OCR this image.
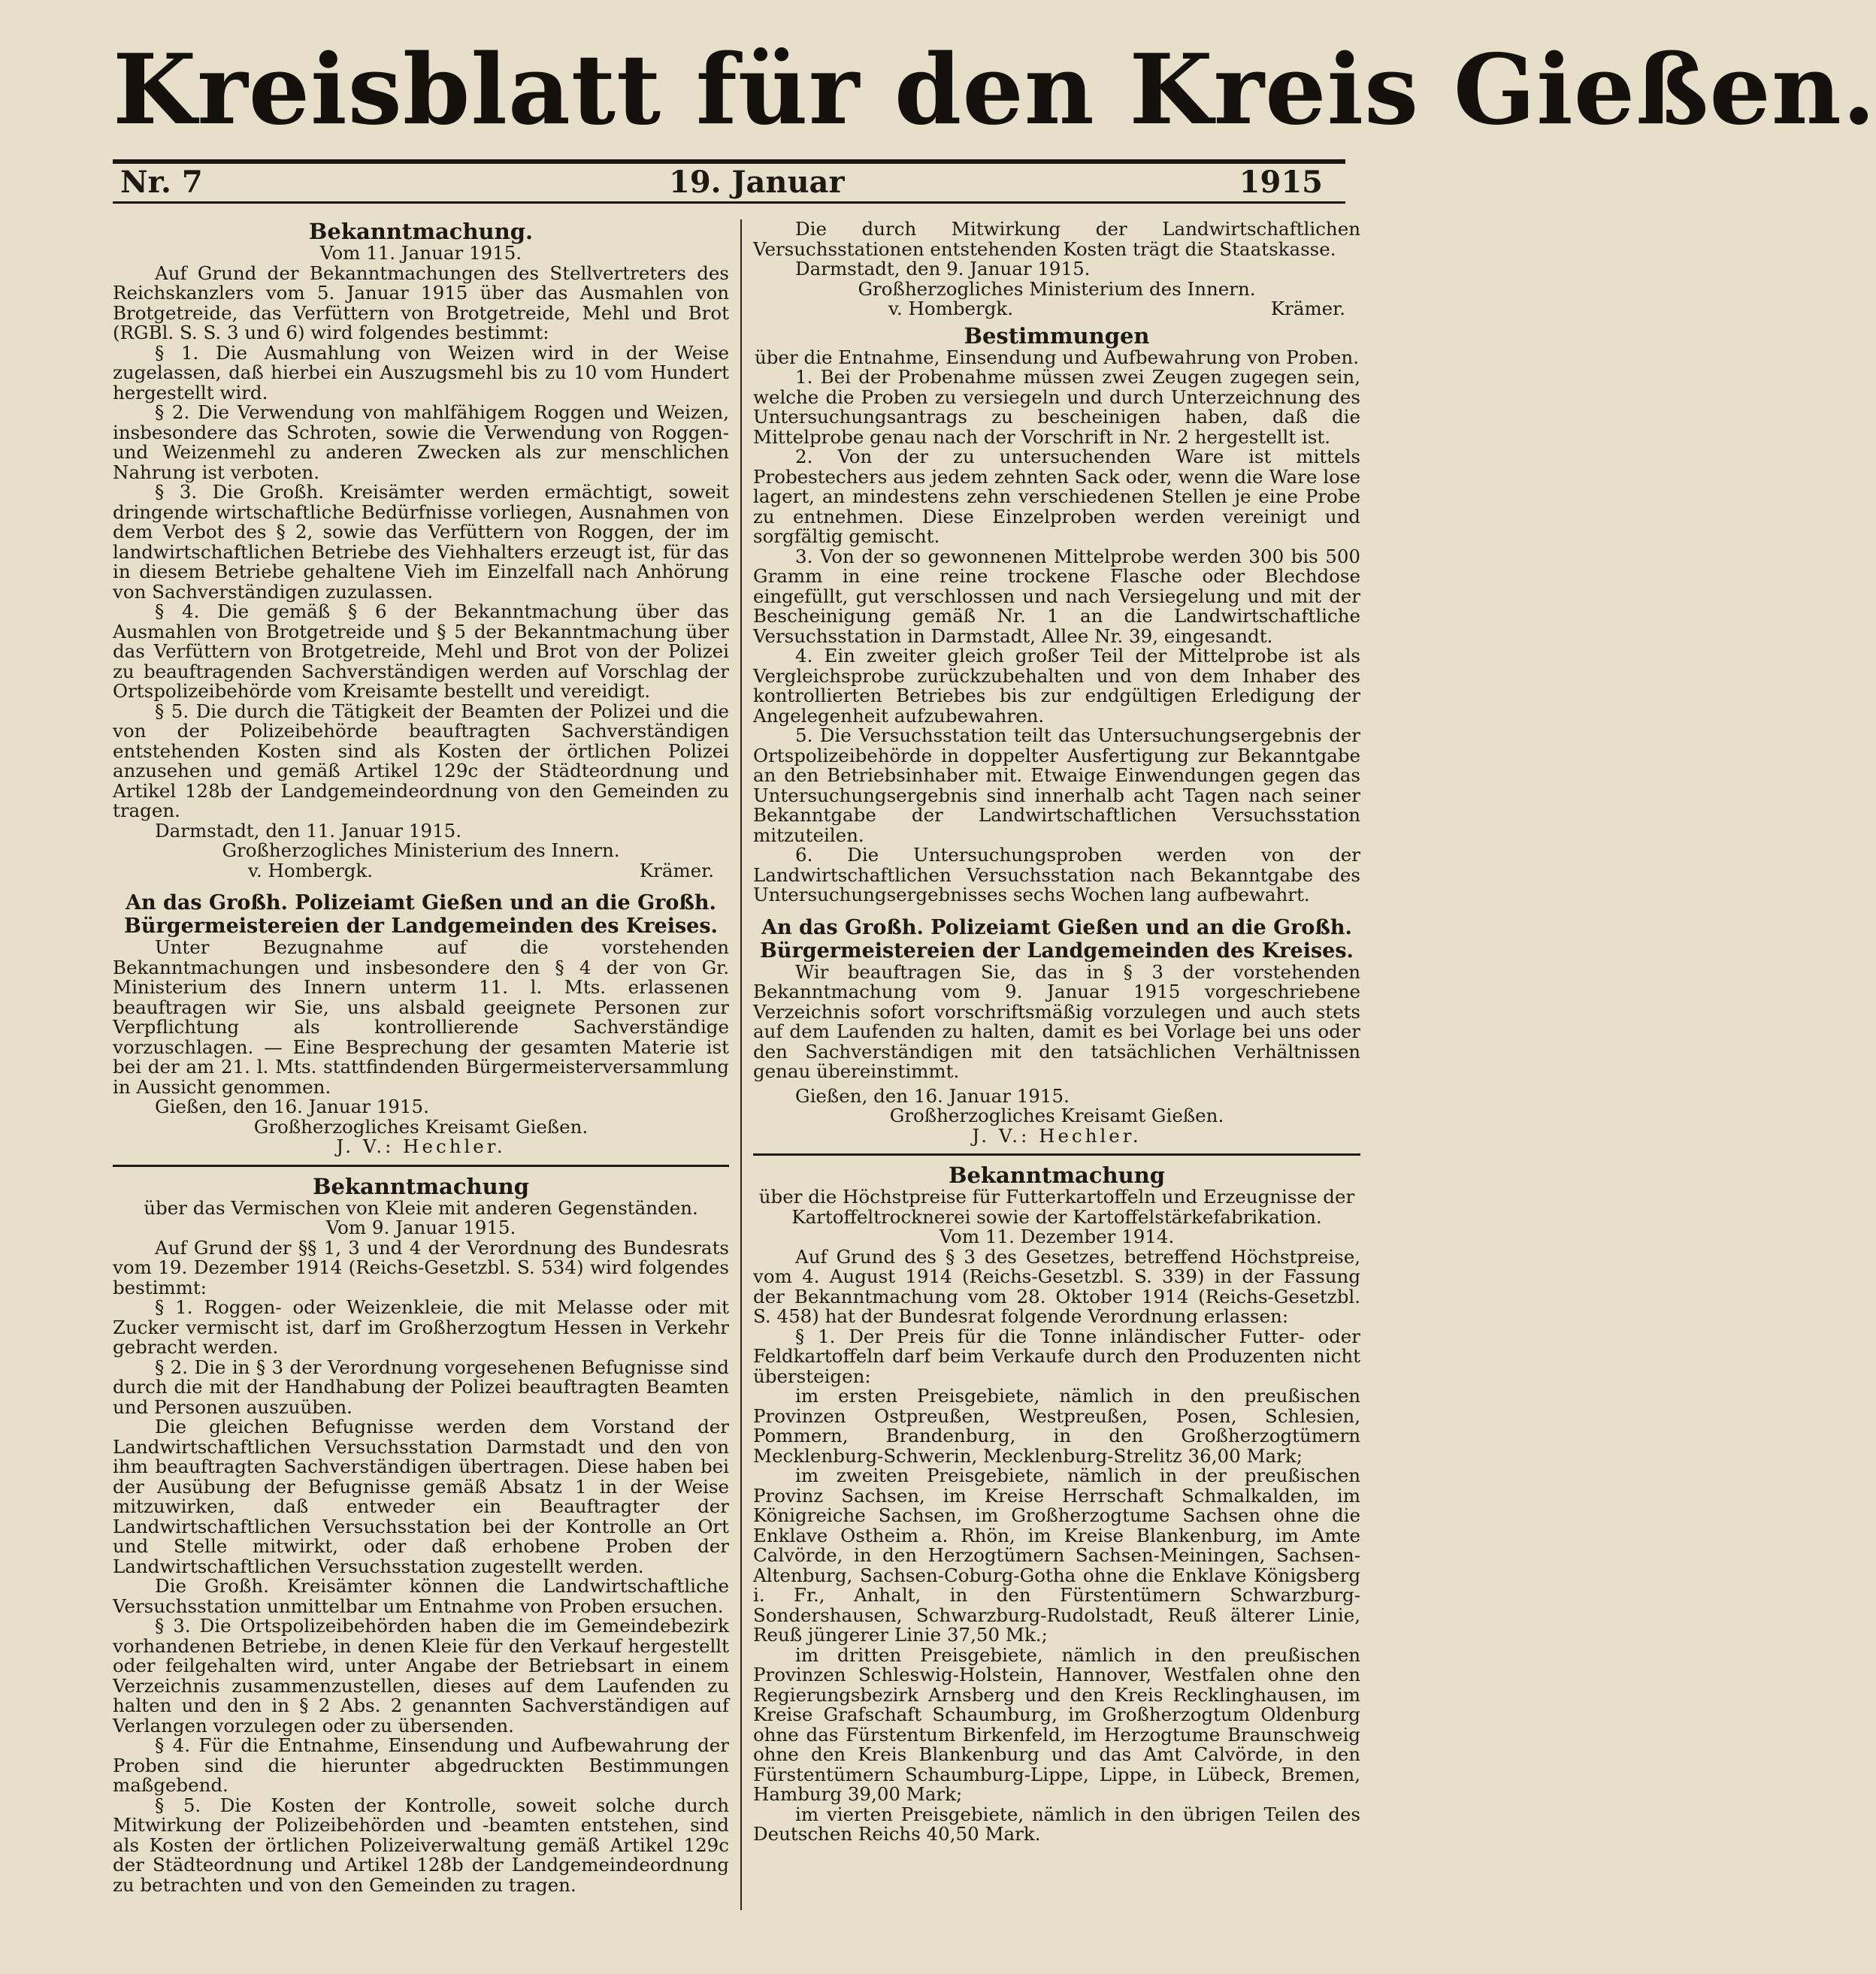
Kreisblatt für den Kreis Gießen.
Nr. 7	19. Januar	1915
Bekanntmachung.

Vom 11. Januar 1915.

Auf Grund der Bekanntmachungen des Stellvertreters des Reichskanzlers vom 5. Januar 1915 über das Ausmahlen von Brotgetreide, das Verfüttern von Brotgetreide, Mehl und Brot (RGBl. S. S. 3 und 6) wird folgendes bestimmt:

§ 1. Die Ausmahlung von Weizen wird in der Weise zugelassen, daß hierbei ein Auszugsmehl bis zu 10 vom Hundert hergestellt wird.

§ 2. Die Verwendung von mahlfähigem Roggen und Weizen, insbesondere das Schroten, sowie die Verwendung von Roggen- und Weizenmehl zu anderen Zwecken als zur menschlichen Nahrung ist verboten.

§ 3. Die Großh. Kreisämter werden ermächtigt, soweit dringende wirtschaftliche Bedürfnisse vorliegen, Ausnahmen von dem Verbot des § 2, sowie das Verfüttern von Roggen, der im landwirtschaftlichen Betriebe des Viehhalters erzeugt ist, für das in diesem Betriebe gehaltene Vieh im Einzelfall nach Anhörung von Sachverständigen zuzulassen.

§ 4. Die gemäß § 6 der Bekanntmachung über das Ausmahlen von Brotgetreide und § 5 der Bekanntmachung über das Verfüttern von Brotgetreide, Mehl und Brot von der Polizei zu beauftragenden Sachverständigen werden auf Vorschlag der Ortspolizeibehörde vom Kreisamte bestellt und vereidigt.

§ 5. Die durch die Tätigkeit der Beamten der Polizei und die von der Polizeibehörde beauftragten Sachverständigen entstehenden Kosten sind als Kosten der örtlichen Polizei anzusehen und gemäß Artikel 129c der Städteordnung und Artikel 128b der Landgemeindeordnung von den Gemeinden zu tragen.

Darmstadt, den 11. Januar 1915.

Großherzogliches Ministerium des Innern.

v. Hombergk.	Krämer.
An das Großh. Polizeiamt Gießen und an die Großh. Bürgermeistereien der Landgemeinden des Kreises.

Unter Bezugnahme auf die vorstehenden Bekanntmachungen und insbesondere den § 4 der von Gr. Ministerium des Innern unterm 11. l. Mts. erlassenen beauftragen wir Sie, uns alsbald geeignete Personen zur Verpflichtung als kontrollierende Sachverständige vorzuschlagen. — Eine Besprechung der gesamten Materie ist bei der am 21. l. Mts. stattfindenden Bürgermeisterversammlung in Aussicht genommen.

Gießen, den 16. Januar 1915.

Großherzogliches Kreisamt Gießen.

J. V.: Hechler.

Bekanntmachung

über das Vermischen von Kleie mit anderen Gegenständen.

Vom 9. Januar 1915.

Auf Grund der §§ 1, 3 und 4 der Verordnung des Bundesrats vom 19. Dezember 1914 (Reichs-Gesetzbl. S. 534) wird folgendes bestimmt:

§ 1. Roggen- oder Weizenkleie, die mit Melasse oder mit Zucker vermischt ist, darf im Großherzogtum Hessen in Verkehr gebracht werden.

§ 2. Die in § 3 der Verordnung vorgesehenen Befugnisse sind durch die mit der Handhabung der Polizei beauftragten Beamten und Personen auszuüben.

Die gleichen Befugnisse werden dem Vorstand der Landwirtschaftlichen Versuchsstation Darmstadt und den von ihm beauftragten Sachverständigen übertragen. Diese haben bei der Ausübung der Befugnisse gemäß Absatz 1 in der Weise mitzuwirken, daß entweder ein Beauftragter der Landwirtschaftlichen Versuchsstation bei der Kontrolle an Ort und Stelle mitwirkt, oder daß erhobene Proben der Landwirtschaftlichen Versuchsstation zugestellt werden.

Die Großh. Kreisämter können die Landwirtschaftliche Versuchsstation unmittelbar um Entnahme von Proben ersuchen.

§ 3. Die Ortspolizeibehörden haben die im Gemeindebezirk vorhandenen Betriebe, in denen Kleie für den Verkauf hergestellt oder feilgehalten wird, unter Angabe der Betriebsart in einem Verzeichnis zusammenzustellen, dieses auf dem Laufenden zu halten und den in § 2 Abs. 2 genannten Sachverständigen auf Verlangen vorzulegen oder zu übersenden.

§ 4. Für die Entnahme, Einsendung und Aufbewahrung der Proben sind die hierunter abgedruckten Bestimmungen maßgebend.

§ 5. Die Kosten der Kontrolle, soweit solche durch Mitwirkung der Polizeibehörden und -beamten entstehen, sind als Kosten der örtlichen Polizeiverwaltung gemäß Artikel 129c der Städteordnung und Artikel 128b der Landgemeindeordnung zu betrachten und von den Gemeinden zu tragen.

Die durch Mitwirkung der Landwirtschaftlichen Versuchsstationen entstehenden Kosten trägt die Staatskasse.

Darmstadt, den 9. Januar 1915.

Großherzogliches Ministerium des Innern.

v. Hombergk.	Krämer.
Bestimmungen

über die Entnahme, Einsendung und Aufbewahrung von Proben.

1. Bei der Probenahme müssen zwei Zeugen zugegen sein, welche die Proben zu versiegeln und durch Unterzeichnung des Untersuchungsantrags zu bescheinigen haben, daß die Mittelprobe genau nach der Vorschrift in Nr. 2 hergestellt ist.

2. Von der zu untersuchenden Ware ist mittels Probestechers aus jedem zehnten Sack oder, wenn die Ware lose lagert, an mindestens zehn verschiedenen Stellen je eine Probe zu entnehmen. Diese Einzelproben werden vereinigt und sorgfältig gemischt.

3. Von der so gewonnenen Mittelprobe werden 300 bis 500 Gramm in eine reine trockene Flasche oder Blechdose eingefüllt, gut verschlossen und nach Versiegelung und mit der Bescheinigung gemäß Nr. 1 an die Landwirtschaftliche Versuchsstation in Darmstadt, Allee Nr. 39, eingesandt.

4. Ein zweiter gleich großer Teil der Mittelprobe ist als Vergleichsprobe zurückzubehalten und von dem Inhaber des kontrollierten Betriebes bis zur endgültigen Erledigung der Angelegenheit aufzubewahren.

5. Die Versuchsstation teilt das Untersuchungsergebnis der Ortspolizeibehörde in doppelter Ausfertigung zur Bekanntgabe an den Betriebsinhaber mit. Etwaige Einwendungen gegen das Untersuchungsergebnis sind innerhalb acht Tagen nach seiner Bekanntgabe der Landwirtschaftlichen Versuchsstation mitzuteilen.

6. Die Untersuchungsproben werden von der Landwirtschaftlichen Versuchsstation nach Bekanntgabe des Untersuchungsergebnisses sechs Wochen lang aufbewahrt.

An das Großh. Polizeiamt Gießen und an die Großh. Bürgermeistereien der Landgemeinden des Kreises.

Wir beauftragen Sie, das in § 3 der vorstehenden Bekanntmachung vom 9. Januar 1915 vorgeschriebene Verzeichnis sofort vorschriftsmäßig vorzulegen und auch stets auf dem Laufenden zu halten, damit es bei Vorlage bei uns oder den Sachverständigen mit den tatsächlichen Verhältnissen genau übereinstimmt.

Gießen, den 16. Januar 1915.

Großherzogliches Kreisamt Gießen.

J. V.: Hechler.

Bekanntmachung

über die Höchstpreise für Futterkartoffeln und Erzeugnisse der Kartoffeltrocknerei sowie der Kartoffelstärkefabrikation.

Vom 11. Dezember 1914.

Auf Grund des § 3 des Gesetzes, betreffend Höchstpreise, vom 4. August 1914 (Reichs-Gesetzbl. S. 339) in der Fassung der Bekanntmachung vom 28. Oktober 1914 (Reichs-Gesetzbl. S. 458) hat der Bundesrat folgende Verordnung erlassen:

§ 1. Der Preis für die Tonne inländischer Futter- oder Feldkartoffeln darf beim Verkaufe durch den Produzenten nicht übersteigen:

im ersten Preisgebiete, nämlich in den preußischen Provinzen Ostpreußen, Westpreußen, Posen, Schlesien, Pommern, Brandenburg, in den Großherzogtümern Mecklenburg-Schwerin, Mecklenburg-Strelitz 36,00 Mark;

im zweiten Preisgebiete, nämlich in der preußischen Provinz Sachsen, im Kreise Herrschaft Schmalkalden, im Königreiche Sachsen, im Großherzogtume Sachsen ohne die Enklave Ostheim a. Rhön, im Kreise Blankenburg, im Amte Calvörde, in den Herzogtümern Sachsen-Meiningen, Sachsen-Altenburg, Sachsen-Coburg-Gotha ohne die Enklave Königsberg i. Fr., Anhalt, in den Fürstentümern Schwarzburg-Sondershausen, Schwarzburg-Rudolstadt, Reuß älterer Linie, Reuß jüngerer Linie 37,50 Mk.;

im dritten Preisgebiete, nämlich in den preußischen Provinzen Schleswig-Holstein, Hannover, Westfalen ohne den Regierungsbezirk Arnsberg und den Kreis Recklinghausen, im Kreise Grafschaft Schaumburg, im Großherzogtum Oldenburg ohne das Fürstentum Birkenfeld, im Herzogtume Braunschweig ohne den Kreis Blankenburg und das Amt Calvörde, in den Fürstentümern Schaumburg-Lippe, Lippe, in Lübeck, Bremen, Hamburg 39,00 Mark;

im vierten Preisgebiete, nämlich in den übrigen Teilen des Deutschen Reichs 40,50 Mark.
